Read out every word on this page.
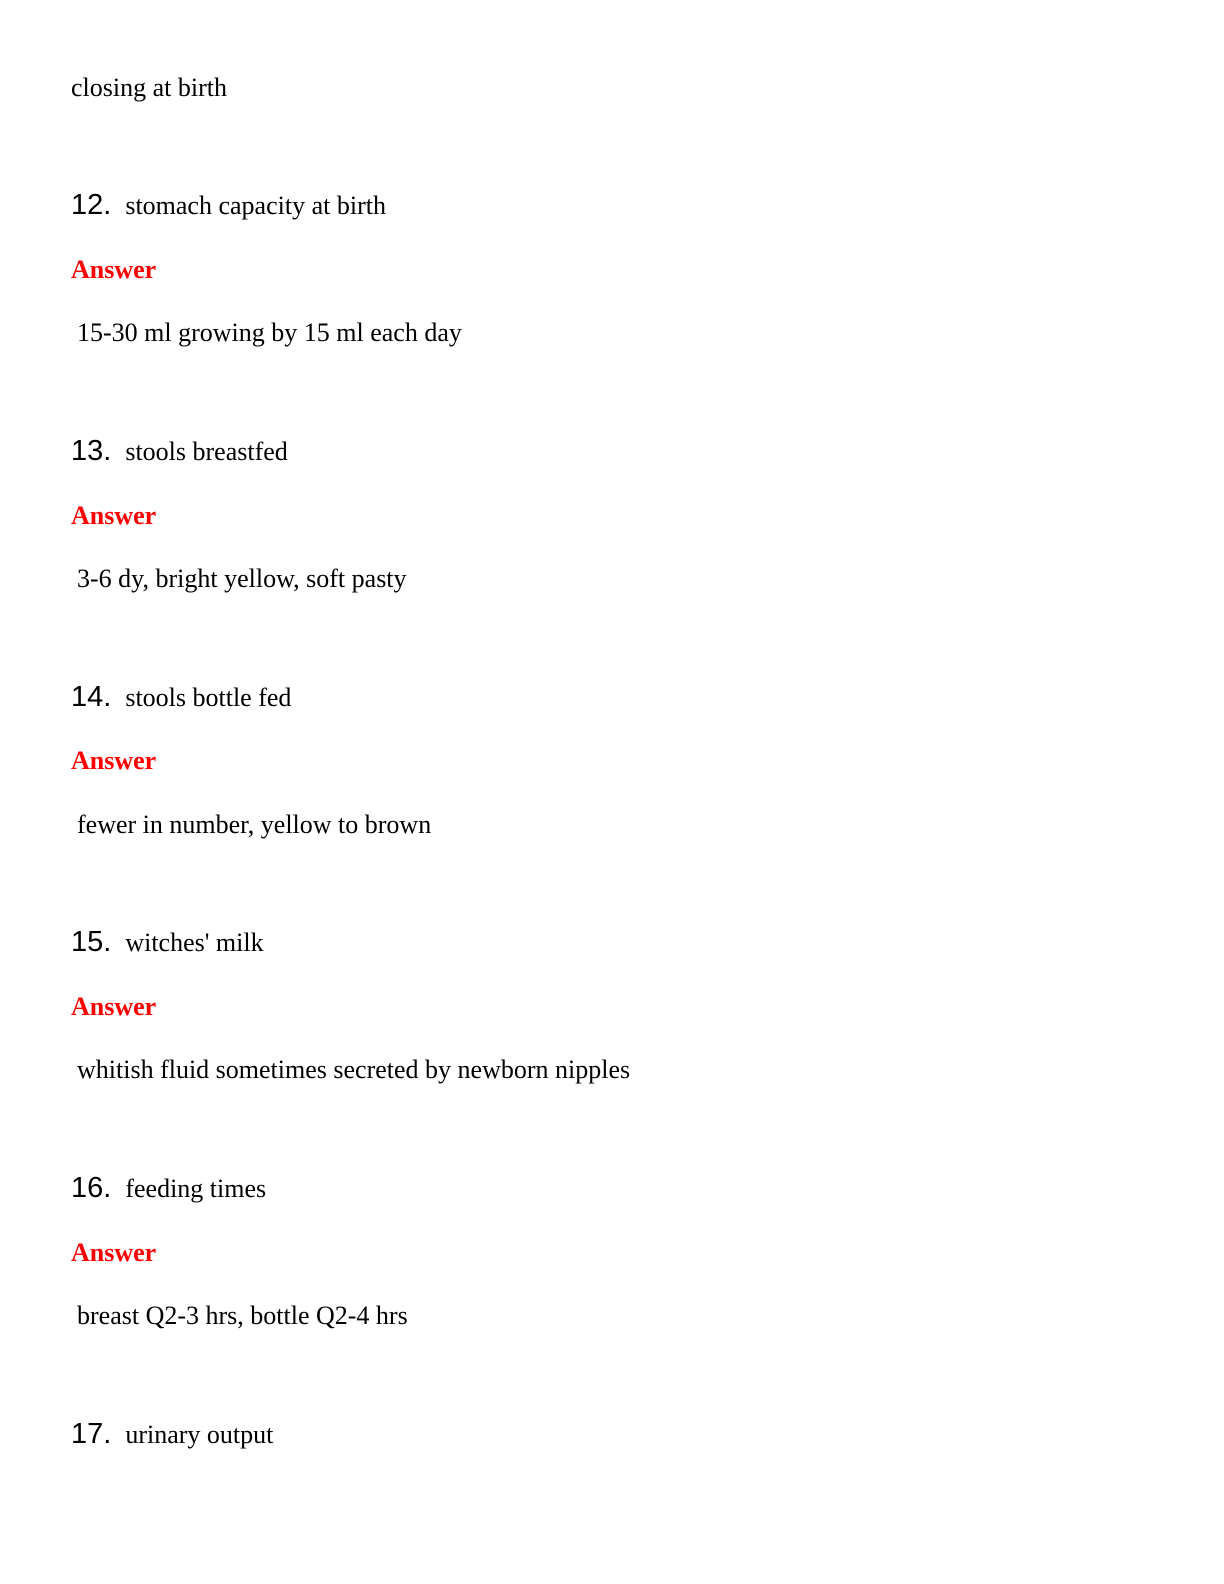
closing at birth
12. stomach capacity at birth
Answer
15-30 ml growing by 15 ml each day
13. stools breastfed
Answer
3-6 dy, bright yellow, soft pasty
14. stools bottle fed
Answer
fewer in number, yellow to brown
15. witches' milk
Answer
whitish fluid sometimes secreted by newborn nipples
16. feeding times
Answer
breast Q2-3 hrs, bottle Q2-4 hrs
17. urinary output
